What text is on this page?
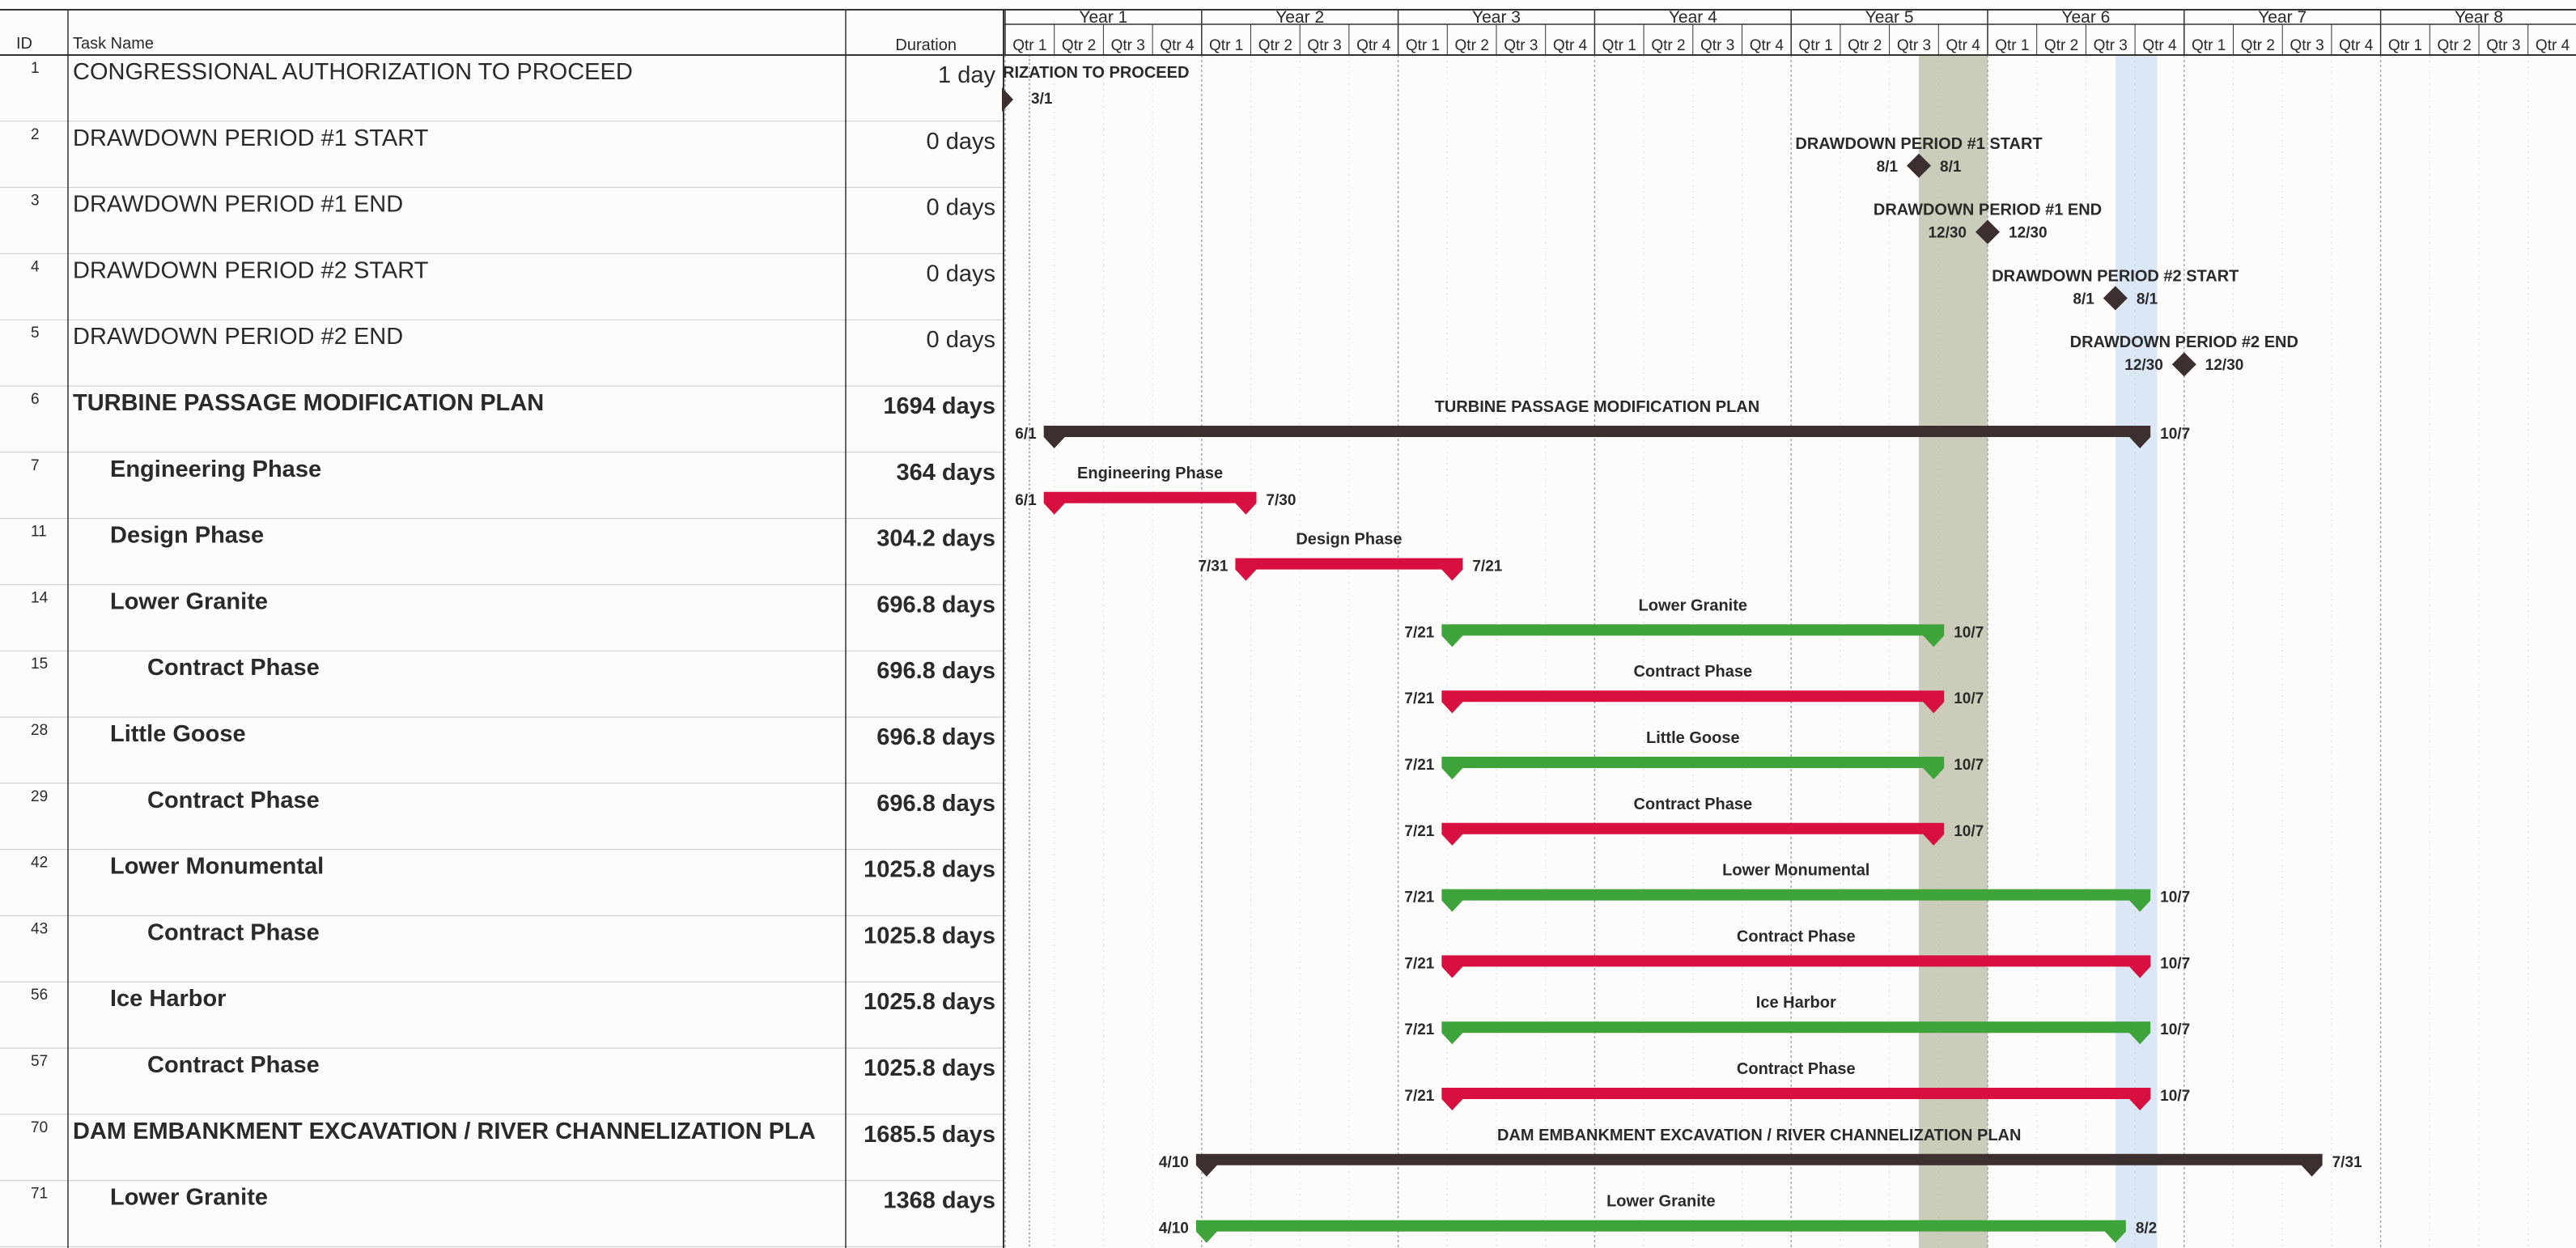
ID	Task Name	Duration
Year 1
Qtr 1 Qtr 2 Qtr 3 Qtr 4
Year 2
Qtr 1 Qtr 2 Qtr 3 Qtr 4
Year 3
Qtr 1 Qtr 2 Qtr 3 Qtr 4
Year 4
Qtr 1 Qtr 2 Qtr 3 Qtr 4
Year 5
Qtr 1 Qtr 2 Qtr 3 Qtr 4
Year 6
Qtr 1 Qtr 2 Qtr 3 Qtr 4
Year 7
Qtr 1 Qtr 2 Qtr 3 Qtr 4
Year 8
Qtr 1 Qtr 2 Qtr 3 Qtr 4
1 CONGRESSIONAL AUTHORIZATION TO PROCEED	1 day
2 DRAWDOWN PERIOD #1 START	0 days
3 DRAWDOWN PERIOD #1 END	0 days
4 DRAWDOWN PERIOD #2 START	0 days
5 DRAWDOWN PERIOD #2 END	0 days
6 TURBINE PASSAGE MODIFICATION PLAN	1694 days
7	Engineering Phase	364 days
11	Design Phase	304.2 days
14	Lower Granite	696.8 days
15	Contract Phase	696.8 days
28	Little Goose	696.8 days
29	Contract Phase	696.8 days
42	Lower Monumental	1025.8 days
43	Contract Phase	1025.8 days
56	Ice Harbor	1025.8 days
57	Contract Phase	1025.8 days
70 DAM EMBANKMENT EXCAVATION / RIVER CHANNELIZATION PLA 1685.5 days
71	Lower Granite	1368 days
RIZATION TO PROCEED
3/1
DRAWDOWN PERIOD #1 START
8/1	8/1
DRAWDOWN PERIOD #1 END
12/30	12/30
DRAWDOWN PERIOD #2 START
8/1	8/1
DRAWDOWN PERIOD #2 END
12/30	12/30
TURBINE PASSAGE MODIFICATION PLAN
6/1	10/7
Engineering Phase
6/1	7/30
Design Phase
7/31	7/21
Lower Granite
7/21	10/7
Contract Phase
7/21	10/7
Little Goose
7/21	10/7
Contract Phase
7/21	10/7
Lower Monumental
7/21	10/7
Contract Phase
7/21	10/7
Ice Harbor
7/21	10/7
Contract Phase
7/21	10/7
DAM EMBANKMENT EXCAVATION / RIVER CHANNELIZATION PLAN
4/10	7/31
Lower Granite
4/10	8/2
